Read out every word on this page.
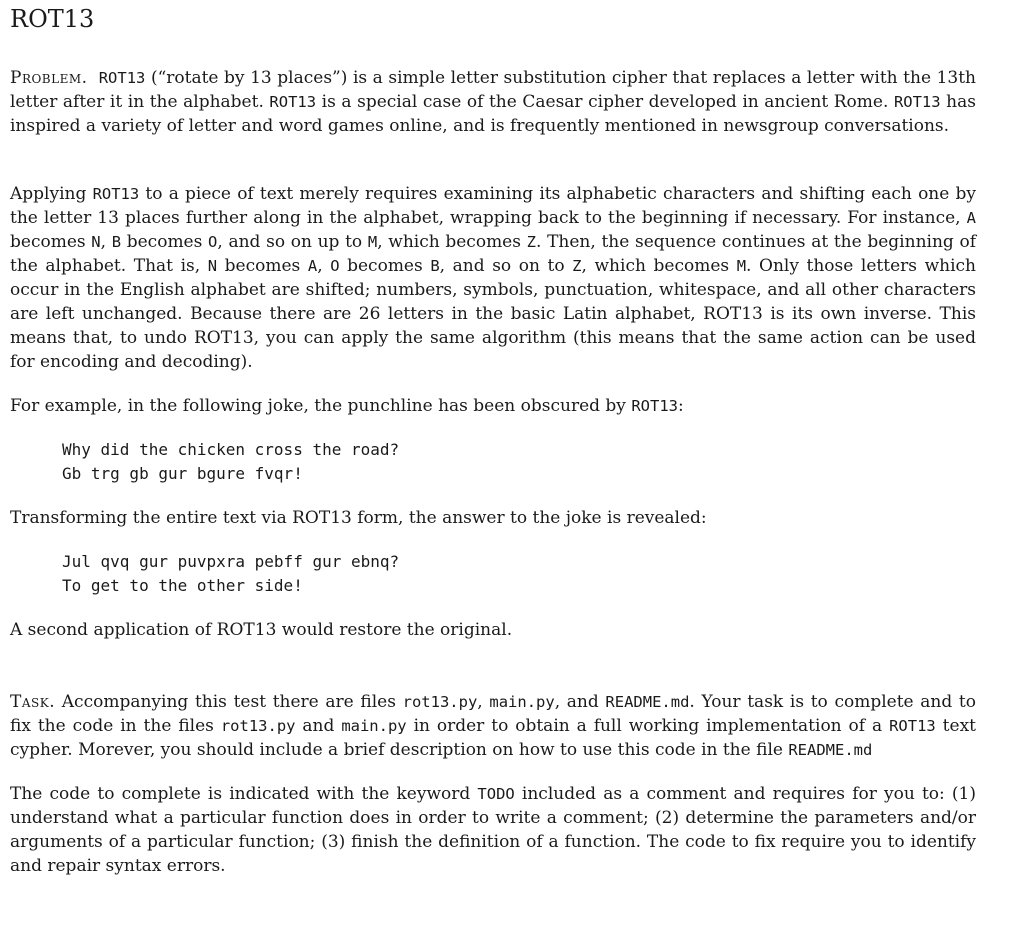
ROT13

Problem. ROT13 (“rotate by 13 places”) is a simple letter substitution cipher that replaces a letter with the 13th letter after it in the alphabet. ROT13 is a special case of the Caesar cipher developed in ancient Rome. ROT13 has inspired a variety of letter and word games online, and is frequently mentioned in newsgroup conversations.

Applying ROT13 to a piece of text merely requires examining its alphabetic characters and shifting each one by the letter 13 places further along in the alphabet, wrapping back to the beginning if necessary. For instance, A becomes N, B becomes O, and so on up to M, which becomes Z. Then, the sequence continues at the beginning of the alphabet. That is, N becomes A, O becomes B, and so on to Z, which becomes M. Only those letters which occur in the English alphabet are shifted; numbers, symbols, punctuation, whitespace, and all other characters are left unchanged. Because there are 26 letters in the basic Latin alphabet, ROT13 is its own inverse. This means that, to undo ROT13, you can apply the same algorithm (this means that the same action can be used for encoding and decoding).

For example, in the following joke, the punchline has been obscured by ROT13:

Why did the chicken cross the road?
Gb trg gb gur bgure fvqr!

Transforming the entire text via ROT13 form, the answer to the joke is revealed:

Jul qvq gur puvpxra pebff gur ebnq?
To get to the other side!

A second application of ROT13 would restore the original.

Task. Accompanying this test there are files rot13.py, main.py, and README.md. Your task is to complete and to fix the code in the files rot13.py and main.py in order to obtain a full working implementation of a ROT13 text cypher. Morever, you should include a brief description on how to use this code in the file README.md

The code to complete is indicated with the keyword TODO included as a comment and requires for you to: (1) understand what a particular function does in order to write a comment; (2) determine the parameters and/or arguments of a particular function; (3) finish the definition of a function. The code to fix require you to identify and repair syntax errors.
